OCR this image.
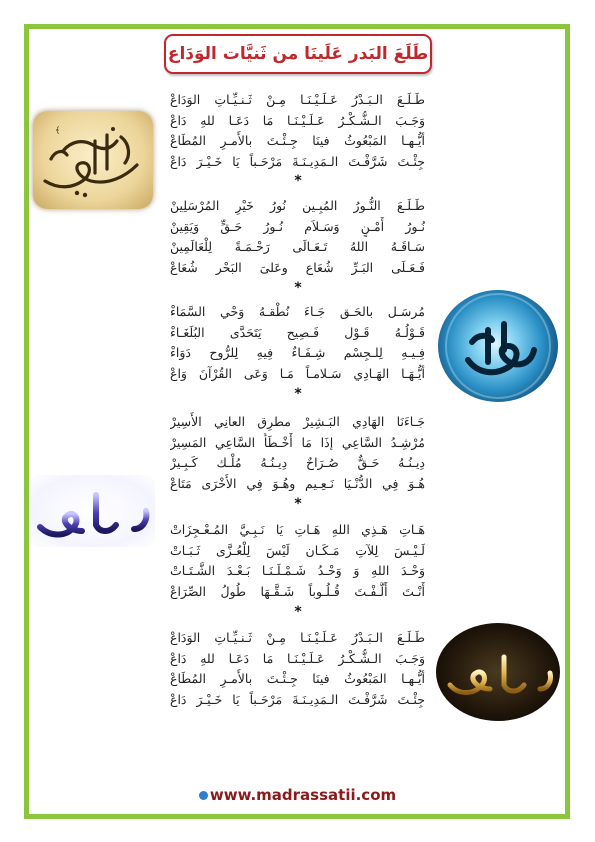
طَلَعَ البَدر عَلَينَا من ثَنيَّات الوَدَاع

طَـلَـعَ الـبَـدْرُ عَـلَـيْـنَـا مِـنْ ثَـنـيِّـاتِ الوَدَاعْ

وَجَـبَ الـشُّـكْـرُ عَـلَـيْـنَـا مَا دَعَـا للهِ دَاعْ

أيُّـهـا المَبْعُوثُ فينَا جِـئْـتَ بالأَمـرِ المُطَاعْ

جِئْـتَ شَرَّفْـتَ الـمَدِيـنَـةَ مَرْحَـباً يَا خَـيْـرَ دَاعْ

*

طَـلَـعَ النُّـورُ المُبِـين نُورُ خَيْرِ المُرْسَلِينْ

نُـورُ أَمْـنٍ وَسَـلاَم نُـورُ حَـقٍّ وَيَقِينْ

سَـاقَـهُ اللهُ تَـعَـالَى رَحْـمَـةً لِلْعَالَمِينْ

فَـعَـلَى البَـرِّ شُعَاع وعَلىَ البَحْر شُعَاعْ

*

مُرسَـل بالحَـق جَـاءَ نُطْقـهُ وَحْي السَّمَاءْ

قَـوْلُـهُ قَـوْل فَـصِيح يَتَحَدَّى البُلَغَـاءْ

فِـيـهِ لِلـجِسْم شِـفَـاءٌ فِيهِ لِلرُّوح دَوَاءْ

أيُّـهَـا الهَـادِي سَـلامـاً مَـا وَعَى القُرْآنَ وَاعْ

*

جَـاءَنَا الهَادِي البَـشِيرْ مطرِق العانِي الأَسِيرْ

مُرْشِـدُ السَّاعِي إذَا مَا أَخْـطَأَ السَّاعِي المَسِيرْ

دِيـنُـهُ حَـقٌّ صُـرَاحٌ دِيـنُـهُ مُلْـك كَـبِـيرْ

هُـوَ فِي الدُّنْـيَا نَـعِـيم وهُـوَ فِي الأُخْرَى مَتَاعْ

*

هَـاتِ هَـذِي اللهِ هَـاتِ يَا نَـبِـيَّ المُـعْـجِزَاتْ

لَـيْـسَ لِلآتِ مَـكَـان لَيْسَ لِلْعُـزَّى ثَـبَـاتْ

وَحْـدَ اللهِ وَ وَحْـدُ شَـمْـلَـنَـا بَـعْـدَ الشَّـتَـاتْ

أَنْـتَ أَلَّـفْـتَ قُـلُـوباً شَـقَّـهَا طُولُ الصِّرَاعْ

*

طَـلَـعَ الـبَـدْرُ عَـلَـيْـنَـا مِـنْ ثَـنـيِّـاتِ الوَدَاعْ

وَجَـبَ الـشُّـكْـرُ عَـلَـيْـنَـا مَا دَعَـا للهِ دَاعْ

أيُّـهـا المَبْعُوثُ فينَا جِـئْـتَ بالأَمـرِ المُطَاعْ

جِئْـتَ شَرَّفْـتَ الـمَدِيـنَـةَ مَرْحَـباً يَا خَـيْـرَ دَاعْ

﴾
www.madrassatii.com
